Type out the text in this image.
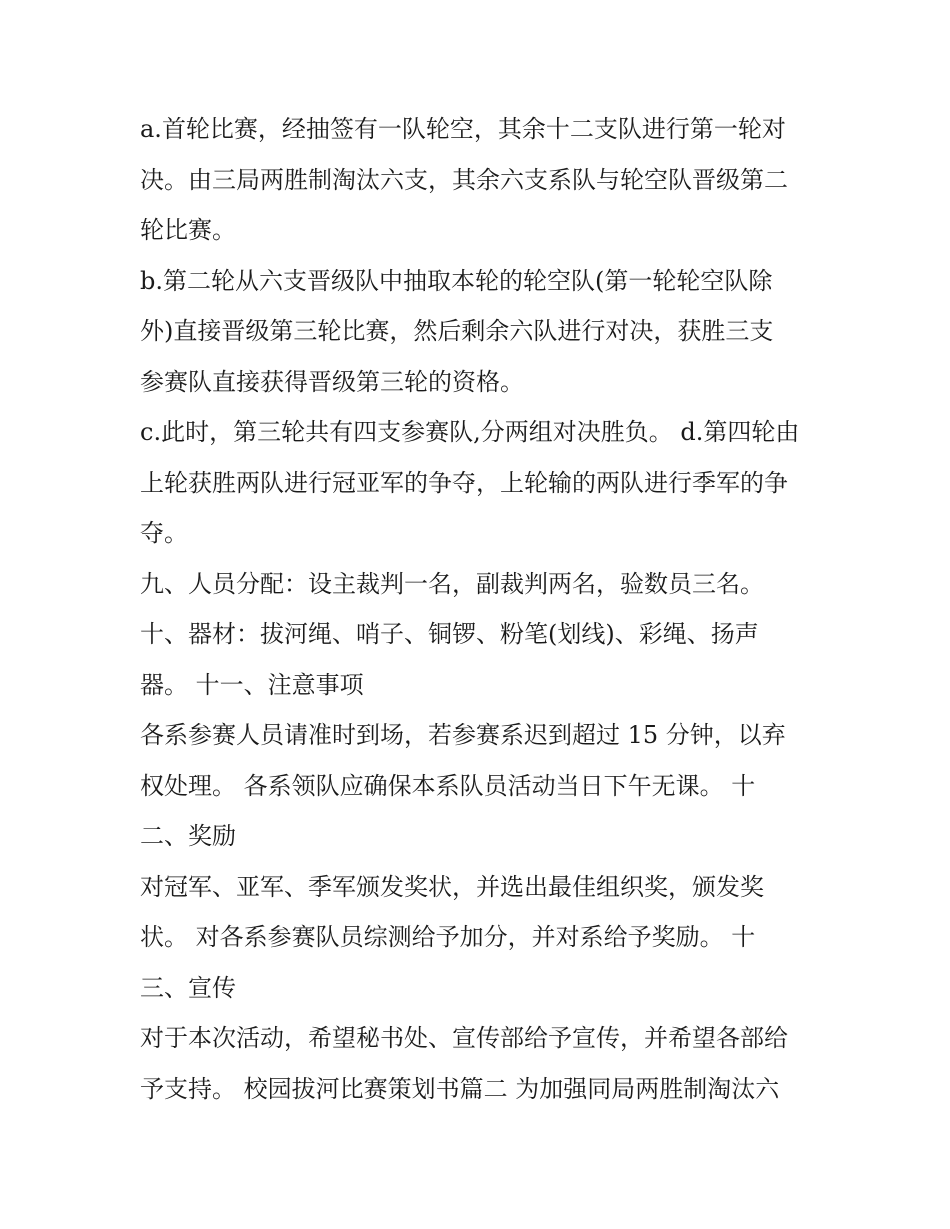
a.首轮比赛，经抽签有一队轮空，其余十二支队进行第一轮对
决。由三局两胜制淘汰六支，其余六支系队与轮空队晋级第二
轮比赛。
b.第二轮从六支晋级队中抽取本轮的轮空队(第一轮轮空队除
外)直接晋级第三轮比赛，然后剩余六队进行对决，获胜三支
参赛队直接获得晋级第三轮的资格。
c.此时，第三轮共有四支参赛队,分两组对决胜负。 d.第四轮由
上轮获胜两队进行冠亚军的争夺，上轮输的两队进行季军的争
夺。
九、人员分配：设主裁判一名，副裁判两名，验数员三名。
十、器材：拔河绳、哨子、铜锣、粉笔(划线)、彩绳、扬声
器。 十一、注意事项
各系参赛人员请准时到场，若参赛系迟到超过 15 分钟，以弃
权处理。 各系领队应确保本系队员活动当日下午无课。 十
二、奖励
对冠军、亚军、季军颁发奖状，并选出最佳组织奖，颁发奖
状。 对各系参赛队员综测给予加分，并对系给予奖励。 十
三、宣传
对于本次活动，希望秘书处、宣传部给予宣传，并希望各部给
予支持。 校园拔河比赛策划书篇二 为加强同局两胜制淘汰六
